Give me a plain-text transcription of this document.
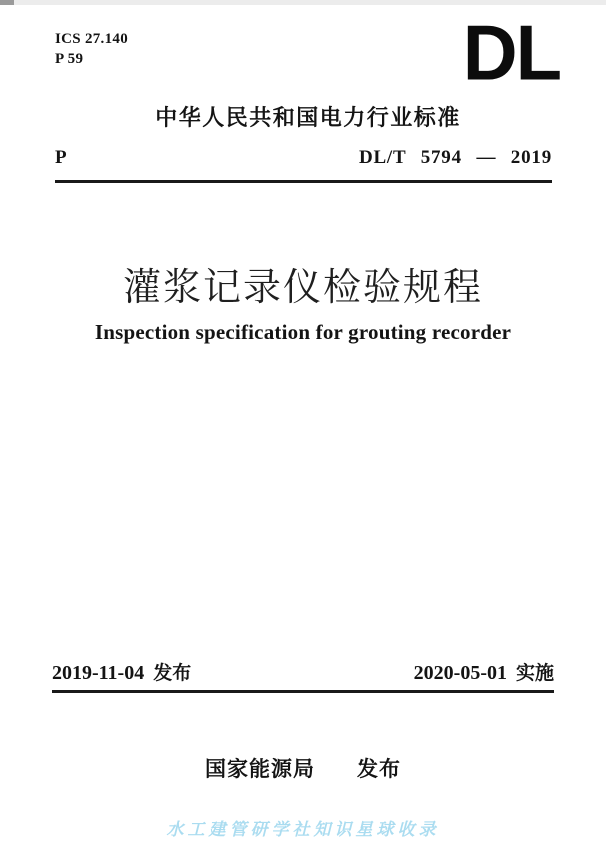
ICS 27.140
P 59	DL
中华人民共和国电力行业标准
P	DL/T 5794 — 2019
灌浆记录仪检验规程
Inspection specification for grouting recorder
2019-11-04 发布	2020-05-01 实施
国家能源局 发布
水工建管研学社知识星球收录
